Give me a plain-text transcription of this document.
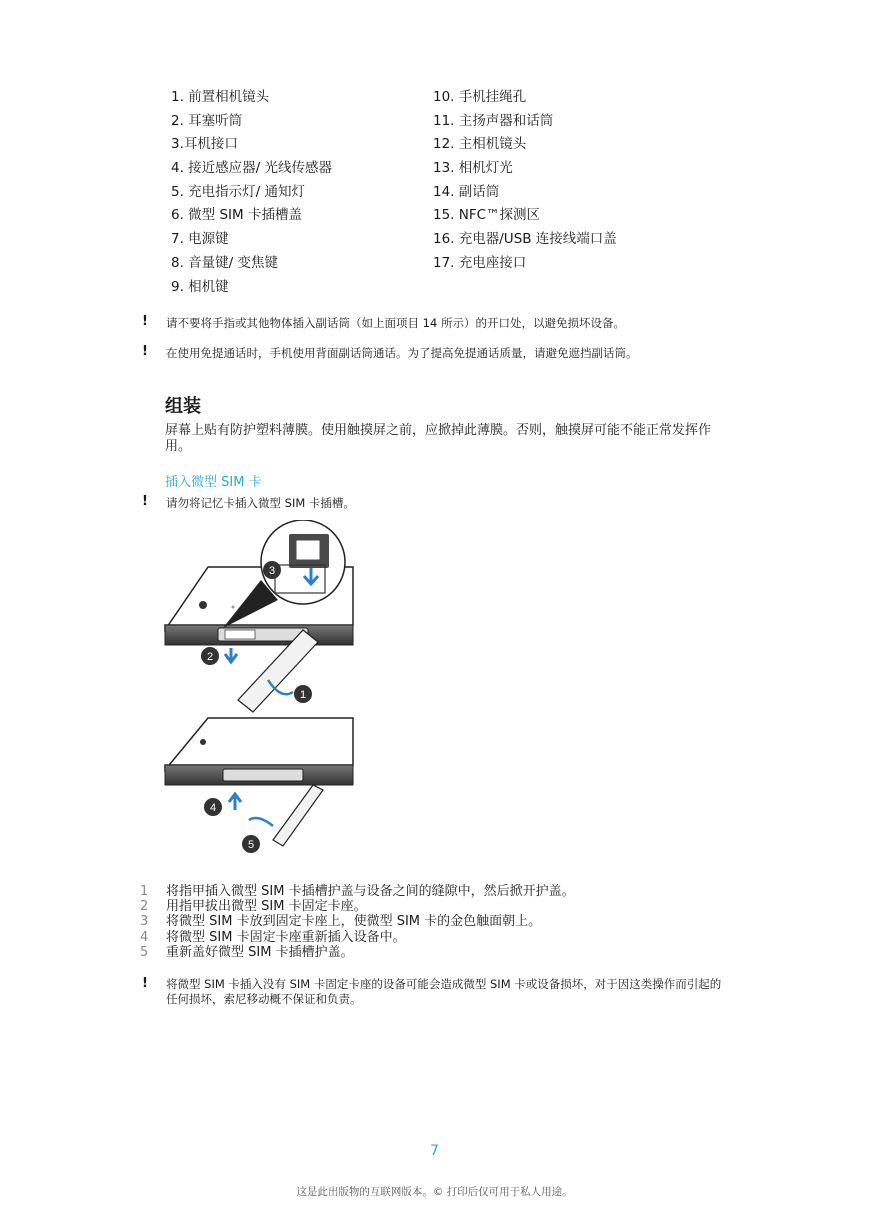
1. 前置相机镜头
2. 耳塞听筒
3.耳机接口
4. 接近感应器/ 光线传感器
5. 充电指示灯/ 通知灯
6. 微型 SIM 卡插槽盖
7. 电源键
8. 音量键/ 变焦键
9. 相机键
10. 手机挂绳孔
11. 主扬声器和话筒
12. 主相机镜头
13. 相机灯光
14. 副话筒
15. NFC™探测区
16. 充电器/USB 连接线端口盖
17. 充电座接口
! 请不要将手指或其他物体插入副话筒（如上面项目 14 所示）的开口处，以避免损坏设备。
! 在使用免提通话时，手机使用背面副话筒通话。为了提高免提通话质量，请避免遮挡副话筒。
组装
屏幕上贴有防护塑料薄膜。使用触摸屏之前，应掀掉此薄膜。否则，触摸屏可能不能正常发挥作用。
插入微型 SIM 卡
! 请勿将记忆卡插入微型 SIM 卡插槽。
1
2
3
4
5
1	将指甲插入微型 SIM 卡插槽护盖与设备之间的缝隙中，然后掀开护盖。
2	用指甲拔出微型 SIM 卡固定卡座。
3	将微型 SIM 卡放到固定卡座上，使微型 SIM 卡的金色触面朝上。
4	将微型 SIM 卡固定卡座重新插入设备中。
5	重新盖好微型 SIM 卡插槽护盖。
! 将微型 SIM 卡插入没有 SIM 卡固定卡座的设备可能会造成微型 SIM 卡或设备损坏，对于因这类操作而引起的任何损坏，索尼移动概不保证和负责。
7
这是此出版物的互联网版本。© 打印后仅可用于私人用途。
